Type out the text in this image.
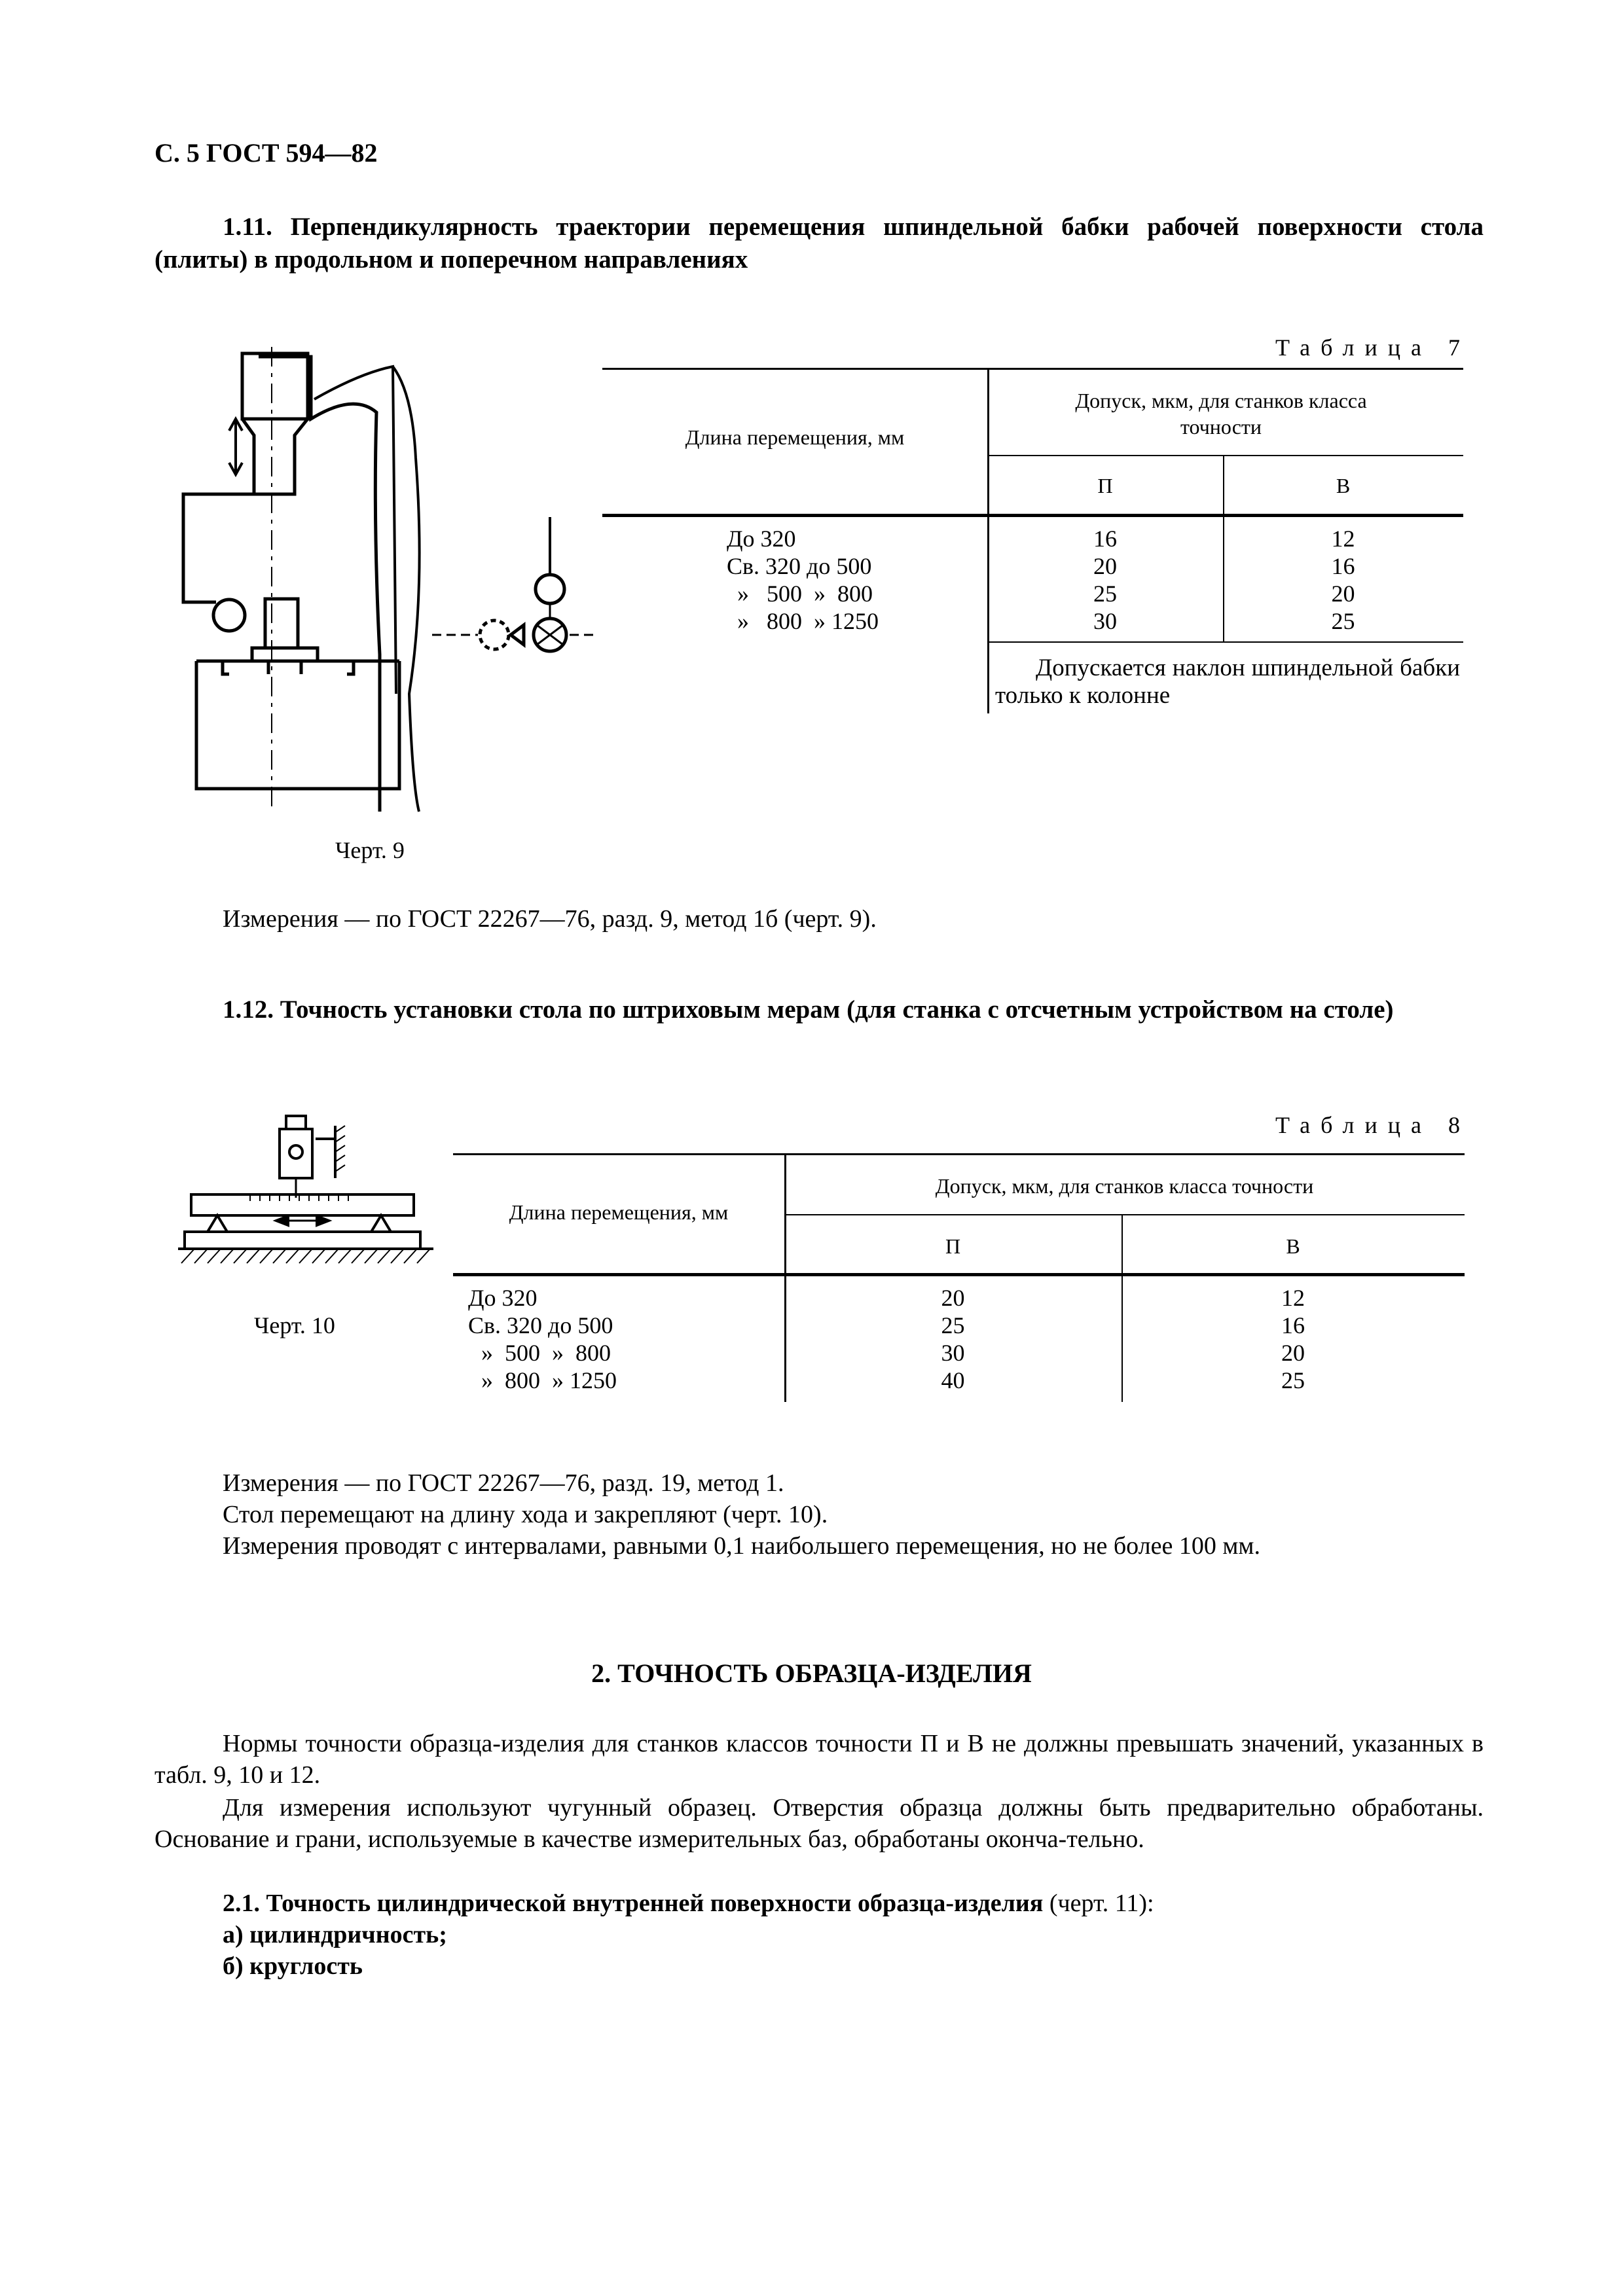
С. 5 ГОСТ 594—82
1.11. Перпендикулярность траектории перемещения шпиндельной бабки рабочей поверхности стола (плиты) в продольном и поперечном направлениях
Черт. 9
Таблица 7
Длина перемещения, мм
Допуск, мкм, для станков класса точности
П	В
До 320
Св. 320 до 500
»   500  »  800
»   800  » 1250
16
20
25
30
12
16
20
25
Допускается наклон шпиндельной бабки только к колонне
Измерения — по ГОСТ 22267—76, разд. 9, метод 1б (черт. 9).
1.12. Точность установки стола по штриховым мерам (для станка с отсчетным устройством на столе)
Черт. 10
Таблица 8
Длина перемещения, мм
Допуск, мкм, для станков класса точности
П	В
До 320
Св. 320 до 500
»  500  »  800
»  800  » 1250
20
25
30
40
12
16
20
25
Измерения — по ГОСТ 22267—76, разд. 19, метод 1.
Стол перемещают на длину хода и закрепляют (черт. 10).
Измерения проводят с интервалами, равными 0,1 наибольшего перемещения, но не более 100 мм.
2. ТОЧНОСТЬ ОБРАЗЦА-ИЗДЕЛИЯ
Нормы точности образца-изделия для станков классов точности П и В не должны превышать значений, указанных в табл. 9, 10 и 12.
Для измерения используют чугунный образец. Отверстия образца должны быть предварительно обработаны. Основание и грани, используемые в качестве измерительных баз, обработаны оконча-тельно.
2.1. Точность цилиндрической внутренней поверхности образца-изделия (черт. 11):
а) цилиндричность;
б) круглость
